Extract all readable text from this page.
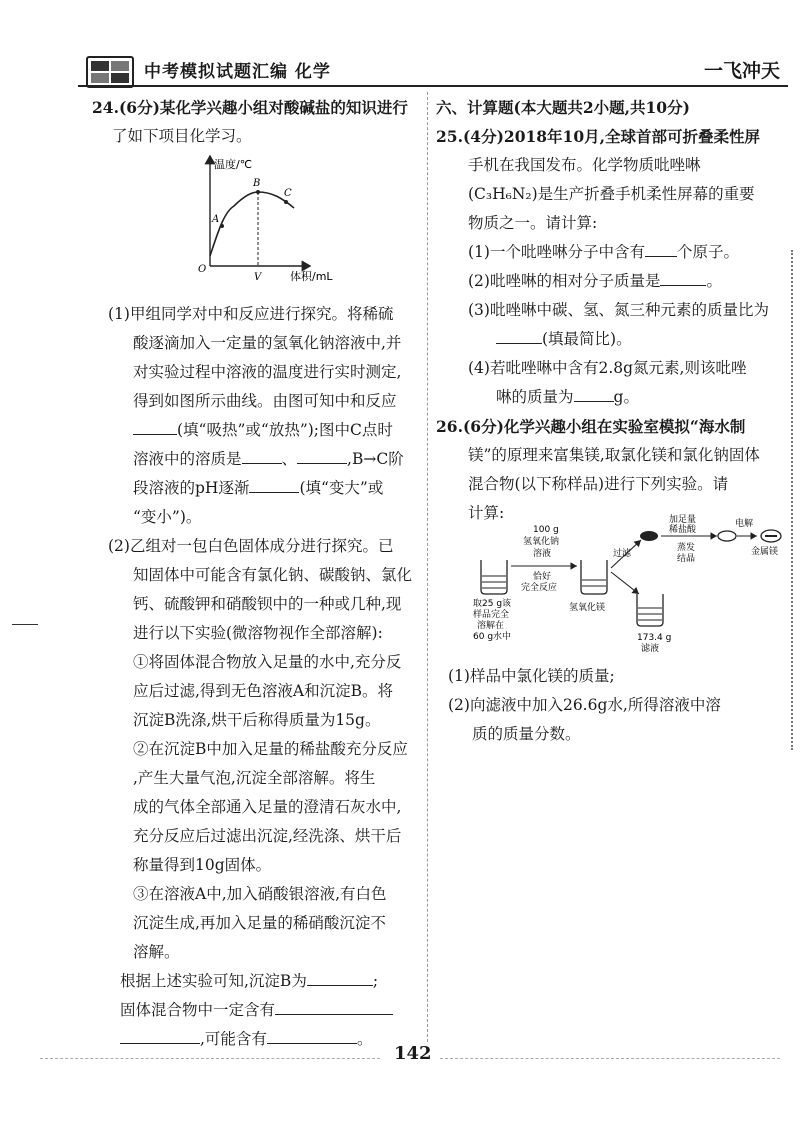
中考模拟试题汇编 化学	一飞冲天
24.(6分)某化学兴趣小组对酸碱盐的知识进行
了如下项目化学习。
温度/℃
体积/mL
O
V
A
B
C
(1)甲组同学对中和反应进行探究。将稀硫
酸逐滴加入一定量的氢氧化钠溶液中,并
对实验过程中溶液的温度进行实时测定,
得到如图所示曲线。由图可知中和反应
(填“吸热”或“放热”);图中C点时
溶液中的溶质是	、	,B→C阶
段溶液的pH逐渐	(填“变大”或
“变小”)。
(2)乙组对一包白色固体成分进行探究。已
知固体中可能含有氯化钠、碳酸钠、氯化
钙、硫酸钾和硝酸钡中的一种或几种,现
进行以下实验(微溶物视作全部溶解):
①将固体混合物放入足量的水中,充分反
应后过滤,得到无色溶液A和沉淀B。将
沉淀B洗涤,烘干后称得质量为15g。
②在沉淀B中加入足量的稀盐酸充分反应
,产生大量气泡,沉淀全部溶解。将生
成的气体全部通入足量的澄清石灰水中,
充分反应后过滤出沉淀,经洗涤、烘干后
称量得到10g固体。
③在溶液A中,加入硝酸银溶液,有白色
沉淀生成,再加入足量的稀硝酸沉淀不
溶解。
根据上述实验可知,沉淀B为	;
固体混合物中一定含有
,可能含有	。
六、计算题(本大题共2小题,共10分)
25.(4分)2018年10月,全球首部可折叠柔性屏
手机在我国发布。化学物质吡唑啉
(C₃H₆N₂)是生产折叠手机柔性屏幕的重要
物质之一。请计算:
(1)一个吡唑啉分子中含有 个原子。
(2)吡唑啉的相对分子质量是	。
(3)吡唑啉中碳、氢、氮三种元素的质量比为
(填最简比)。
(4)若吡唑啉中含有2.8g氮元素,则该吡唑
啉的质量为	g。
26.(6分)化学兴趣小组在实验室模拟“海水制
镁”的原理来富集镁,取氯化镁和氯化钠固体
混合物(以下称样品)进行下列实验。请
计算:
取25 g该
样品完全
溶解在
60 g水中
100 g
氢氧化钠
溶液
恰好
完全反应
氢氧化镁
过滤
173.4 g
滤液
加足量
稀盐酸
蒸发
结晶
电解
金属镁
(1)样品中氯化镁的质量;
(2)向滤液中加入26.6g水,所得溶液中溶
质的质量分数。
142
